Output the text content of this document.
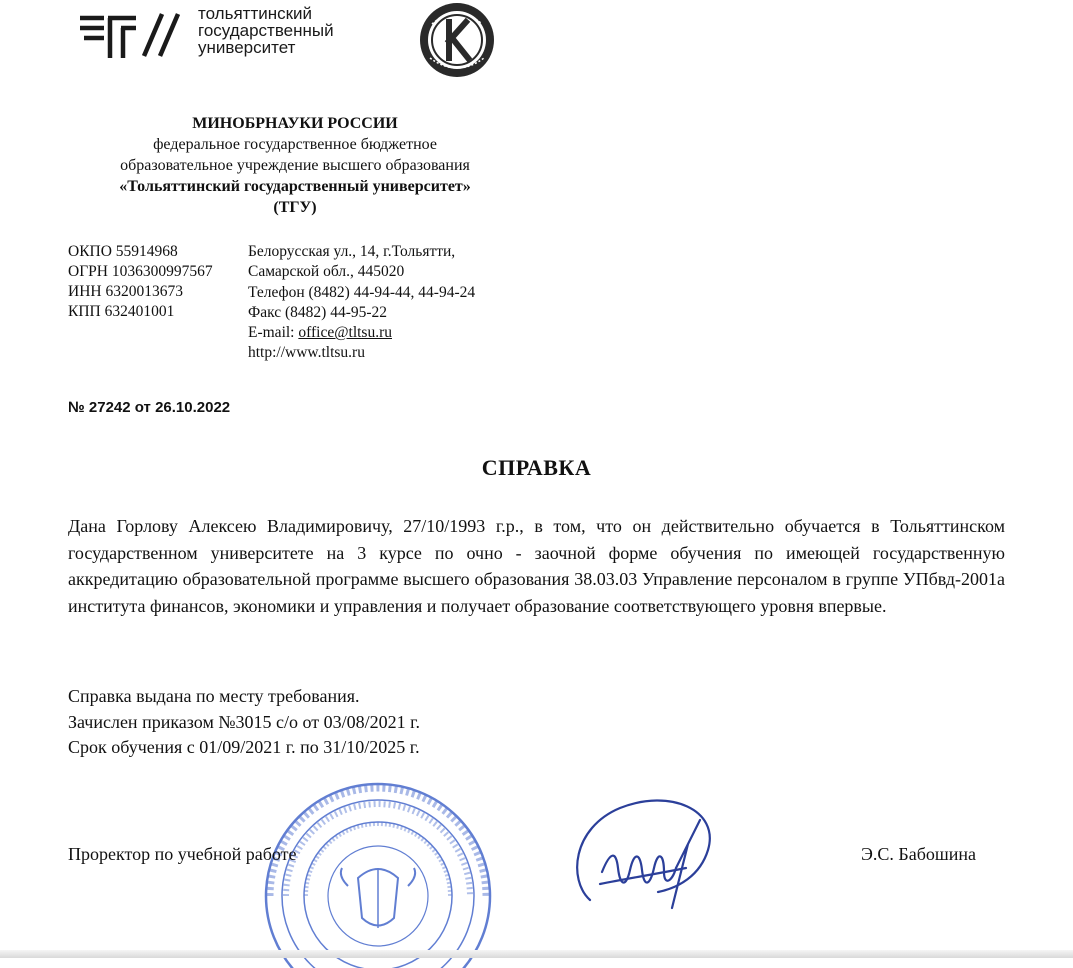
тольяттинский
государственный
университет
МИНОБРНАУКИ РОССИИ
федеральное государственное бюджетное
образовательное учреждение высшего образования
«Тольяттинский государственный университет»
(ТГУ)
ОКПО 55914968
ОГРН 1036300997567
ИНН 6320013673
КПП 632401001
Белорусская ул., 14, г.Тольятти,
Самарской обл., 445020
Телефон (8482) 44-94-44, 44-94-24
Факс (8482) 44-95-22
E-mail: office@tltsu.ru
http://www.tltsu.ru
№ 27242 от 26.10.2022
СПРАВКА
Дана Горлову Алексею Владимировичу, 27/10/1993 г.р., в том, что он действительно обучается в Тольяттинском государственном университете на 3 курсе по очно - заочной форме обучения по имеющей государственную аккредитацию образовательной программе высшего образования 38.03.03 Управление персоналом в группе УПбвд-2001а института финансов, экономики и управления и получает образование соответствующего уровня впервые.
Справка выдана по месту требования.
Зачислен приказом №3015 с/о от 03/08/2021 г.
Срок обучения с 01/09/2021 г. по 31/10/2025 г.
Проректор по учебной работе	Э.С. Бабошина
